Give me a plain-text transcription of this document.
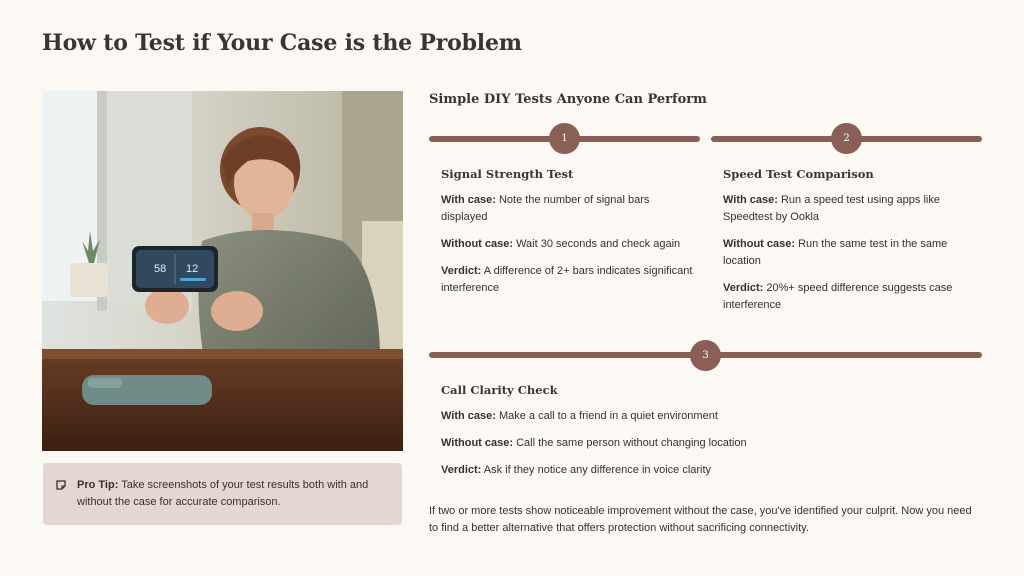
How to Test if Your Case is the Problem
58 12
Pro Tip: Take screenshots of your test results both with and without the case for accurate comparison.
Simple DIY Tests Anyone Can Perform
1	2
3
Signal Strength Test

With case: Note the number of signal bars displayed

Without case: Wait 30 seconds and check again

Verdict: A difference of 2+ bars indicates significant interference

Speed Test Comparison

With case: Run a speed test using apps like Speedtest by Ookla

Without case: Run the same test in the same location

Verdict: 20%+ speed difference suggests case interference

Call Clarity Check

With case: Make a call to a friend in a quiet environment

Without case: Call the same person without changing location

Verdict: Ask if they notice any difference in voice clarity

If two or more tests show noticeable improvement without the case, you've identified your culprit. Now you need to find a better alternative that offers protection without sacrificing connectivity.
